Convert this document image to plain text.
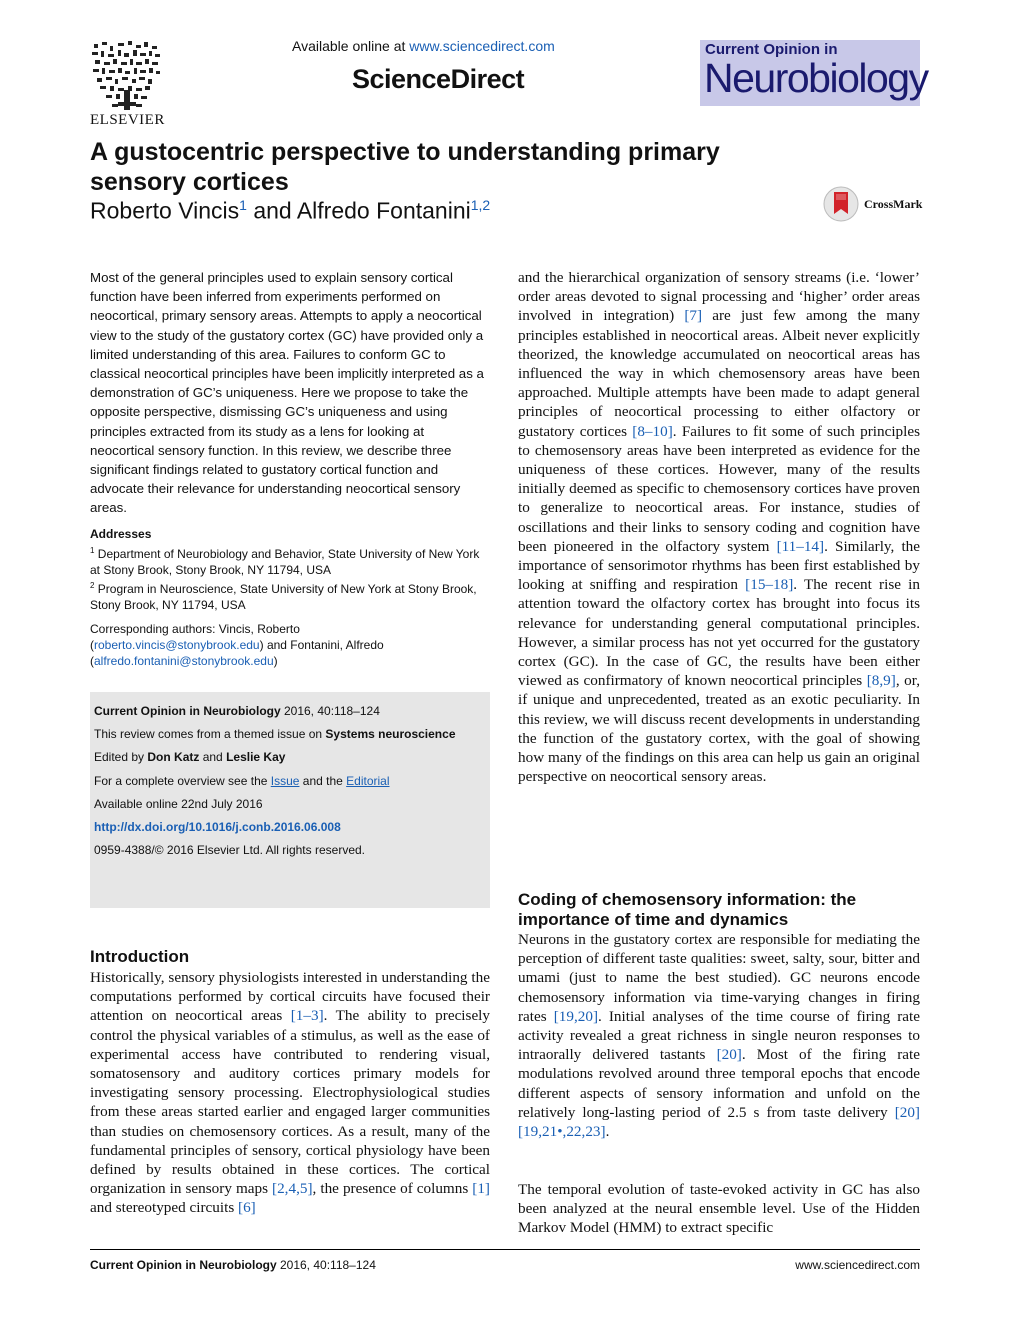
ELSEVIER
Available online at www.sciencedirect.com
ScienceDirect
Current Opinion in
Neurobiology
A gustocentric perspective to understanding primary sensory cortices
Roberto Vincis$^1$ and Alfredo Fontanini$^{1,2}$	CrossMark
Most of the general principles used to explain sensory cortical function have been inferred from experiments performed on neocortical, primary sensory areas. Attempts to apply a neocortical view to the study of the gustatory cortex (GC) have provided only a limited understanding of this area. Failures to conform GC to classical neocortical principles have been implicitly interpreted as a demonstration of GC’s uniqueness. Here we propose to take the opposite perspective, dismissing GC’s uniqueness and using principles extracted from its study as a lens for looking at neocortical sensory function. In this review, we describe three significant findings related to gustatory cortical function and advocate their relevance for understanding neocortical sensory areas.
Addresses
$^1$ Department of Neurobiology and Behavior, State University of New York at Stony Brook, Stony Brook, NY 11794, USA
$^2$ Program in Neuroscience, State University of New York at Stony Brook, Stony Brook, NY 11794, USA
Corresponding authors: Vincis, Roberto
(roberto.vincis@stonybrook.edu) and Fontanini, Alfredo
(alfredo.fontanini@stonybrook.edu)
Current Opinion in Neurobiology 2016, 40:118–124
This review comes from a themed issue on Systems neuroscience
Edited by Don Katz and Leslie Kay
For a complete overview see the Issue and the Editorial
Available online 22nd July 2016
http://dx.doi.org/10.1016/j.conb.2016.06.008
0959-4388/© 2016 Elsevier Ltd. All rights reserved.
Introduction
Historically, sensory physiologists interested in understanding the computations performed by cortical circuits have focused their attention on neocortical areas [1–3]. The ability to precisely control the physical variables of a stimulus, as well as the ease of experimental access have contributed to rendering visual, somatosensory and auditory cortices primary models for investigating sensory processing. Electrophysiological studies from these areas started earlier and engaged larger communities than studies on chemosensory cortices. As a result, many of the fundamental principles of sensory, cortical physiology have been defined by results obtained in these cortices. The cortical organization in sensory maps [2,4,5], the presence of columns [1] and stereotyped circuits [6]
and the hierarchical organization of sensory streams (i.e. ‘lower’ order areas devoted to signal processing and ‘higher’ order areas involved in integration) [7] are just few among the many principles established in neocortical areas. Albeit never explicitly theorized, the knowledge accumulated on neocortical areas has influenced the way in which chemosensory areas have been approached. Multiple attempts have been made to adapt general principles of neocortical processing to either olfactory or gustatory cortices [8–10]. Failures to fit some of such principles to chemosensory areas have been interpreted as evidence for the uniqueness of these cortices. However, many of the results initially deemed as specific to chemosensory cortices have proven to generalize to neocortical areas. For instance, studies of oscillations and their links to sensory coding and cognition have been pioneered in the olfactory system [11–14]. Similarly, the importance of sensorimotor rhythms has been first established by looking at sniffing and respiration [15–18]. The recent rise in attention toward the olfactory cortex has brought into focus its relevance for understanding general computational principles. However, a similar process has not yet occurred for the gustatory cortex (GC). In the case of GC, the results have been either viewed as confirmatory of known neocortical principles [8,9], or, if unique and unprecedented, treated as an exotic peculiarity. In this review, we will discuss recent developments in understanding the function of the gustatory cortex, with the goal of showing how many of the findings on this area can help us gain an original perspective on neocortical sensory areas.
Coding of chemosensory information: the importance of time and dynamics
Neurons in the gustatory cortex are responsible for mediating the perception of different taste qualities: sweet, salty, sour, bitter and umami (just to name the best studied). GC neurons encode chemosensory information via time-varying changes in firing rates [19,20]. Initial analyses of the time course of firing rate activity revealed a great richness in single neuron responses to intraorally delivered tastants [20]. Most of the firing rate modulations revolved around three temporal epochs that encode different aspects of sensory information and unfold on the relatively long-lasting period of 2.5 s from taste delivery [20] [19,21•,22,23].
The temporal evolution of taste-evoked activity in GC has also been analyzed at the neural ensemble level. Use of the Hidden Markov Model (HMM) to extract specific
Current Opinion in Neurobiology 2016, 40:118–124	www.sciencedirect.com
